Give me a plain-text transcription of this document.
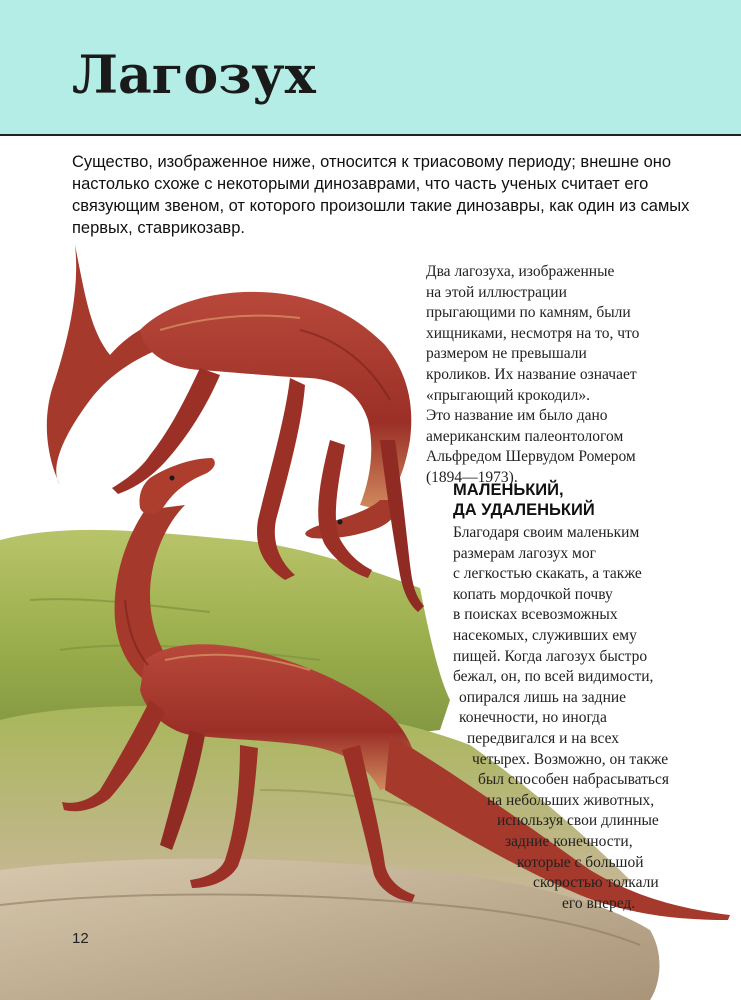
Лагозух
Существо, изображенное ниже, относится к триасовому периоду; внешне оно настолько схоже с некоторыми динозаврами, что часть ученых считает его связующим звеном, от которого произошли такие динозавры, как один из самых первых, ставрикозавр.
Два лагозуха, изображенные
на этой иллюстрации
прыгающими по камням, были
хищниками, несмотря на то, что
размером не превышали
кроликов. Их название означает
«прыгающий крокодил».
Это название им было дано
американским палеонтологом
Альфредом Шервудом Ромером
(1894—1973).
МАЛЕНЬКИЙ,
ДА УДАЛЕНЬКИЙ
Благодаря своим маленьким
размерам лагозух мог
с легкостью скакать, а также
копать мордочкой почву
в поисках всевозможных
насекомых, служивших ему
пищей. Когда лагозух быстро
бежал, он, по всей видимости,
опирался лишь на задние
конечности, но иногда
передвигался и на всех
четырех. Возможно, он также
был способен набрасываться
на небольших животных,
используя свои длинные
задние конечности,
которые с большой
скоростью толкали
его вперед.
12
